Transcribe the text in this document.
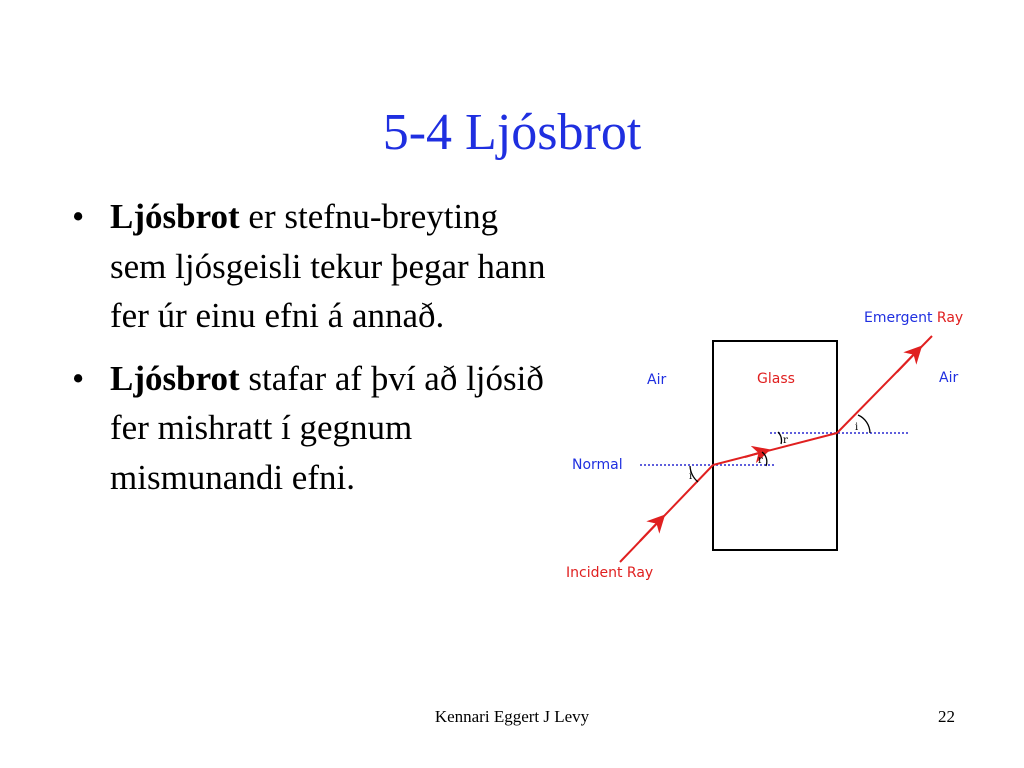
5-4 Ljósbrot
• Ljósbrot er stefnu-breyting sem ljósgeisli tekur þegar hann fer úr einu efni á annað.
• Ljósbrot stafar af því að ljósið fer mishratt í gegnum mismunandi efni.
Emergent Ray
Air	Glass	Air
Normal
Incident Ray
i
r
r
i
Kennari Eggert J Levy	22
